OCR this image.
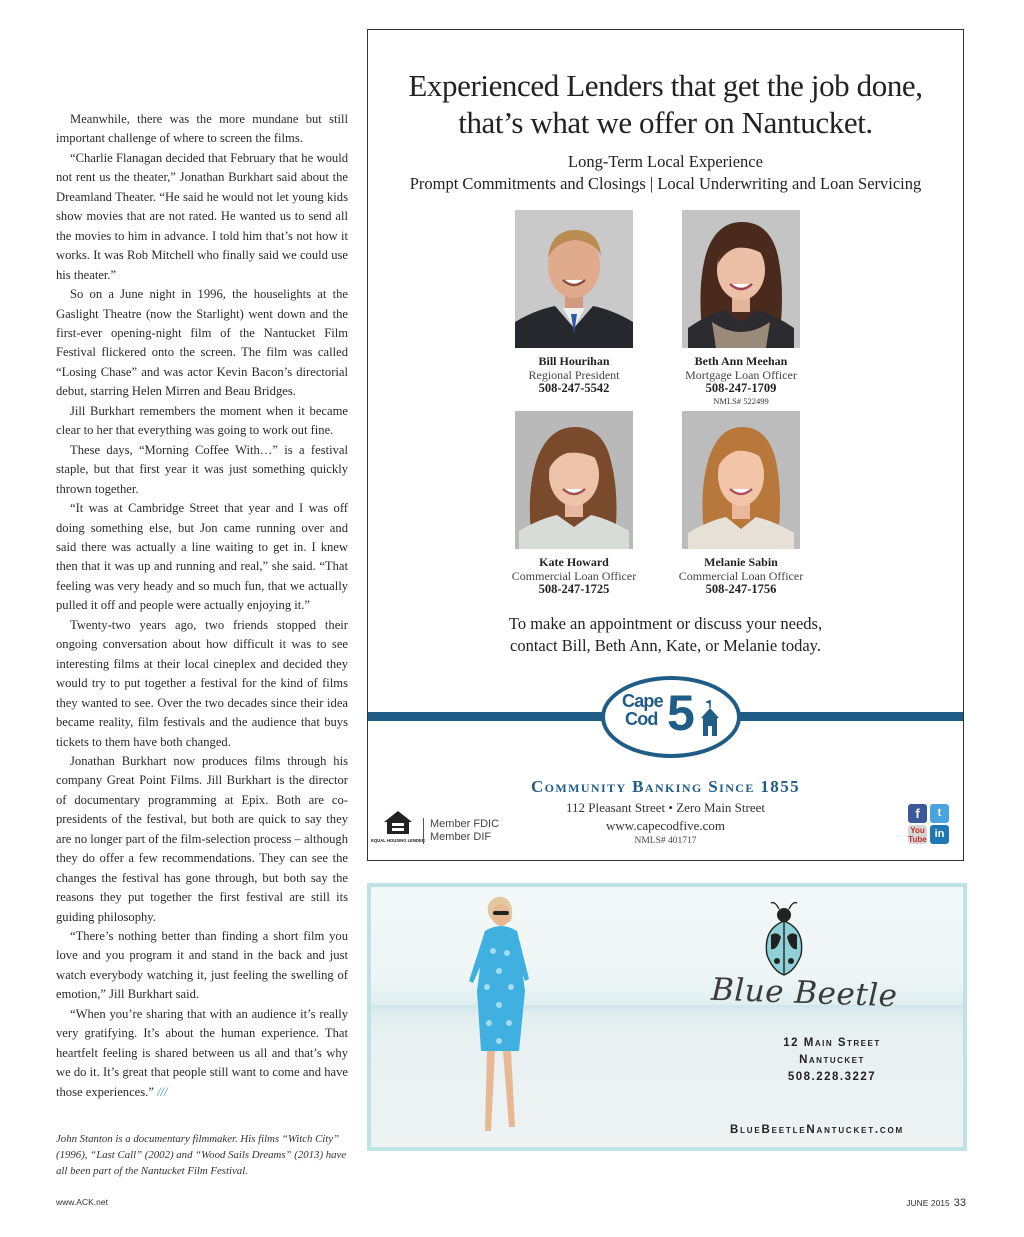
Meanwhile, there was the more mundane but still important challenge of where to screen the films.

“Charlie Flanagan decided that February that he would not rent us the theater,” Jonathan Burkhart said about the Dreamland Theater. “He said he would not let young kids show movies that are not rated. He wanted us to send all the movies to him in advance. I told him that’s not how it works. It was Rob Mitchell who finally said we could use his theater.”

So on a June night in 1996, the houselights at the Gaslight Theatre (now the Starlight) went down and the first-ever opening-night film of the Nantucket Film Festival flickered onto the screen. The film was called “Losing Chase” and was actor Kevin Bacon’s directorial debut, starring Helen Mirren and Beau Bridges.

Jill Burkhart remembers the moment when it became clear to her that everything was going to work out fine.

These days, “Morning Coffee With…” is a festival staple, but that first year it was just something quickly thrown together.

“It was at Cambridge Street that year and I was off doing something else, but Jon came running over and said there was actually a line waiting to get in. I knew then that it was up and running and real,” she said. “That feeling was very heady and so much fun, that we actually pulled it off and people were actually enjoying it.”

Twenty-two years ago, two friends stopped their ongoing conversation about how difficult it was to see interesting films at their local cineplex and decided they would try to put together a festival for the kind of films they wanted to see. Over the two decades since their idea became reality, film festivals and the audience that buys tickets to them have both changed.

Jonathan Burkhart now produces films through his company Great Point Films. Jill Burkhart is the director of documentary programming at Epix. Both are co-presidents of the festival, but both are quick to say they are no longer part of the film-selection process – although they do offer a few recommendations. They can see the changes the festival has gone through, but both say the reasons they put together the first festival are still its guiding philosophy.

“There’s nothing better than finding a short film you love and you program it and stand in the back and just watch everybody watching it, just feeling the swelling of emotion,” Jill Burkhart said.

“When you’re sharing that with an audience it’s really very gratifying. It’s about the human experience. That heartfelt feeling is shared between us all and that’s why we do it. It’s great that people still want to come and have those experiences.” ///

John Stanton is a documentary filmmaker. His films “Witch City” (1996), “Last Call” (2002) and “Wood Sails Dreams” (2013) have all been part of the Nantucket Film Festival.
www.ACK.net	JUNE 2015 33
Experienced Lenders that get the job done,
that’s what we offer on Nantucket.
Long-Term Local Experience
Prompt Commitments and Closings | Local Underwriting and Loan Servicing
Bill Hourihan
Regional President
508-247-5542
Beth Ann Meehan
Mortgage Loan Officer
508-247-1709
NMLS# 522499
Kate Howard
Commercial Loan Officer
508-247-1725
Melanie Sabin
Commercial Loan Officer
508-247-1756
To make an appointment or discuss your needs,
contact Bill, Beth Ann, Kate, or Melanie today.
Cape
Cod 5
Community Banking Since 1855
112 Pleasant Street • Zero Main Street
www.capecodfive.com
NMLS# 401717
EQUAL HOUSING LENDER
Member FDIC
Member DIF
f	t
You
Tube in
Blue Beetle
12 Main Street
Nantucket
508.228.3227
BlueBeetleNantucket.com
